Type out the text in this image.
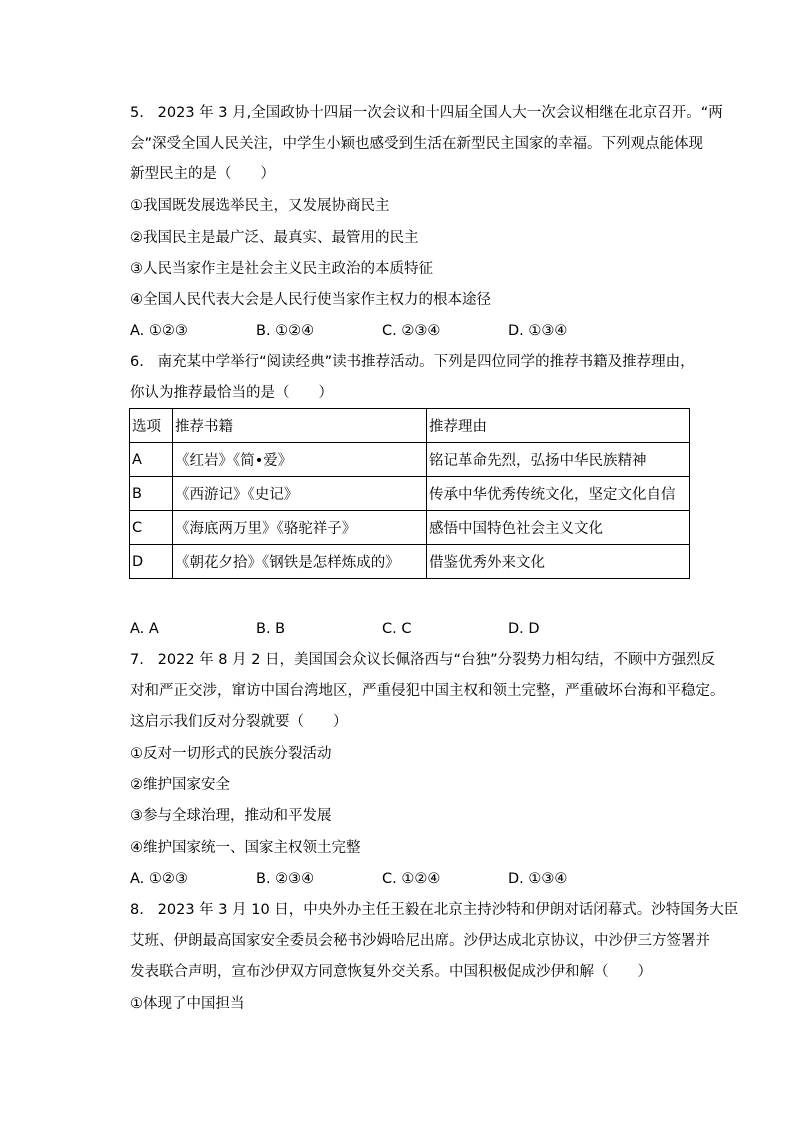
5.   2023 年 3 月,全国政协十四届一次会议和十四届全国人大一次会议相继在北京召开。“两
会”深受全国人民关注，中学生小颖也感受到生活在新型民主国家的幸福。下列观点能体现
新型民主的是（　　）
①我国既发展选举民主，又发展协商民主
②我国民主是最广泛、最真实、最管用的民主
③人民当家作主是社会主义民主政治的本质特征
④全国人民代表大会是人民行使当家作主权力的根本途径
A. ①②③	B. ①②④	C. ②③④	D. ①③④
6.   南充某中学举行“阅读经典”读书推荐活动。下列是四位同学的推荐书籍及推荐理由，
你认为推荐最恰当的是（　　）
选项	推荐书籍	推荐理由
A	《红岩》《简•爱》	铭记革命先烈，弘扬中华民族精神
B	《西游记》《史记》	传承中华优秀传统文化，坚定文化自信
C	《海底两万里》《骆驼祥子》	感悟中国特色社会主义文化
D	《朝花夕拾》《钢铁是怎样炼成的》	借鉴优秀外来文化
A. A	B. B	C. C	D. D
7.   2022 年 8 月 2 日，美国国会众议长佩洛西与“台独”分裂势力相勾结，不顾中方强烈反
对和严正交涉，窜访中国台湾地区，严重侵犯中国主权和领土完整，严重破坏台海和平稳定。
这启示我们反对分裂就要（　　）
①反对一切形式的民族分裂活动
②维护国家安全
③参与全球治理，推动和平发展
④维护国家统一、国家主权领土完整
A. ①②③	B. ②③④	C. ①②④	D. ①③④
8.   2023 年 3 月 10 日，中央外办主任王毅在北京主持沙特和伊朗对话闭幕式。沙特国务大臣
艾班、伊朗最高国家安全委员会秘书沙姆哈尼出席。沙伊达成北京协议，中沙伊三方签署并
发表联合声明，宣布沙伊双方同意恢复外交关系。中国积极促成沙伊和解（　　）
①体现了中国担当
